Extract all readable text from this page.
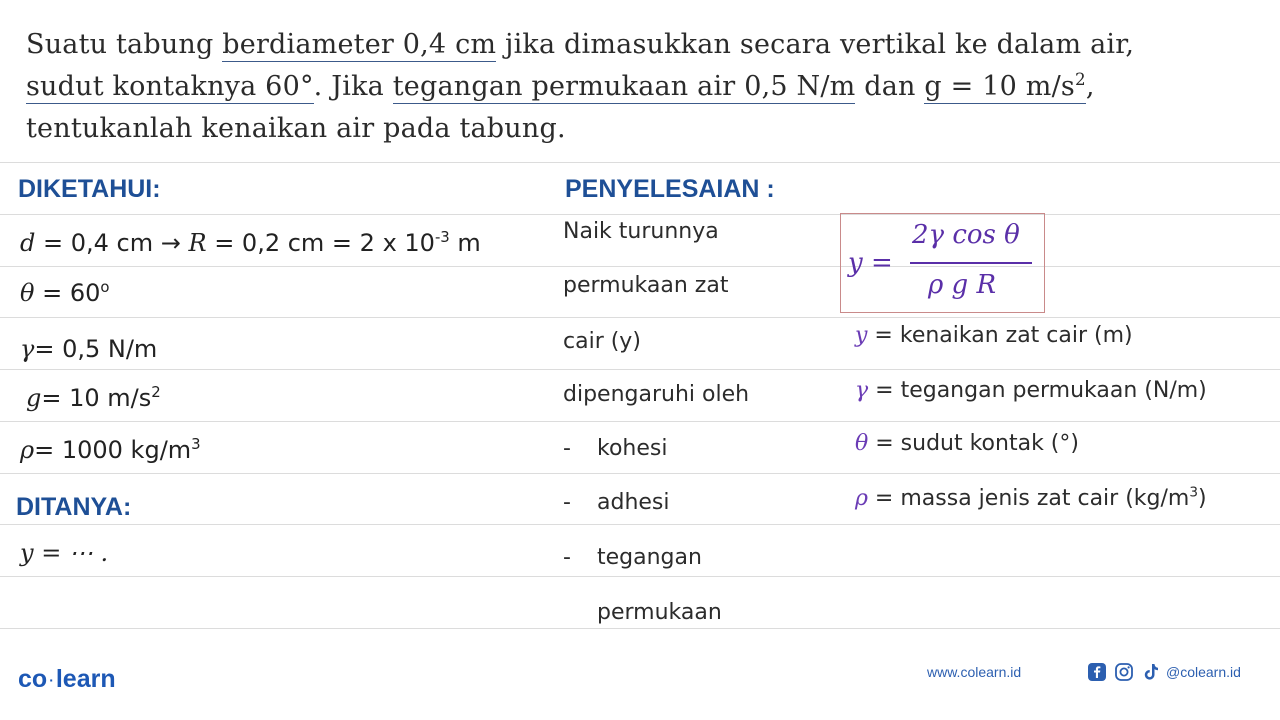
Suatu tabung berdiameter 0,4 cm jika dimasukkan secara vertikal ke dalam air,
sudut kontaknya 60°. Jika tegangan permukaan air 0,5 N/m dan g = 10 $m/s^2$,
tentukanlah kenaikan air pada tabung.
DIKETAHUI:
d = 0,4 cm → R = 0,2 cm = 2 x $10^{-3}$ m
$\theta = 60^o$
γ= 0,5 N/m
g= 10 $m/s^2$
ρ= 1000 $kg/m^3$
DITANYA:
y = ⋯ .
PENYELESAIAN :
Naik turunnya
permukaan zat
cair (y)
dipengaruhi oleh
- kohesi
- adhesi
- tegangan
permukaan
y =
2γ cos θ
ρ g R
y = kenaikan zat cair (m)
γ = tegangan permukaan (N/m)
θ = sudut kontak (°)
ρ = massa jenis zat cair $(kg/m^3)$
co ·learn	www.colearn.id	@colearn.id
